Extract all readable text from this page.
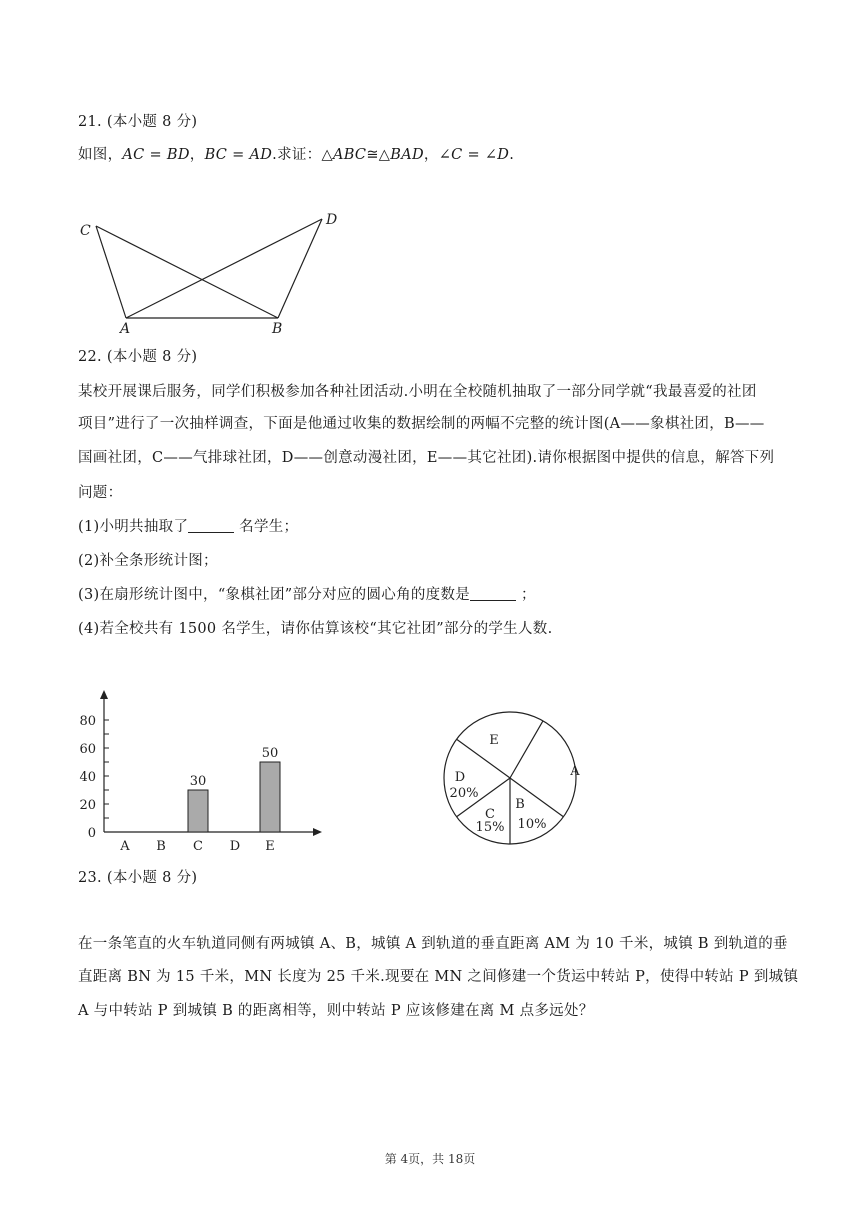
21. (本小题 8 分)
如图，AC = BD，BC = AD.求证：△ABC≅△BAD，∠C = ∠D.
C
D
A	B
22. (本小题 8 分)
某校开展课后服务，同学们积极参加各种社团活动.小明在全校随机抽取了一部分同学就“我最喜爱的社团
项目”进行了一次抽样调查，下面是他通过收集的数据绘制的两幅不完整的统计图(A——象棋社团，B——
国画社团，C——气排球社团，D——创意动漫社团，E——其它社团).请你根据图中提供的信息，解答下列
问题：
(1)小明共抽取了	名学生；
(2)补全条形统计图；
(3)在扇形统计图中，“象棋社团”部分对应的圆心角的度数是	；
(4)若全校共有 1500 名学生，请你估算该校“其它社团”部分的学生人数.
0
20
40
60
80
A B C
30
D E
50
A
B
10%
C
15%
D
20%
E
23. (本小题 8 分)
在一条笔直的火车轨道同侧有两城镇 A、B，城镇 A 到轨道的垂直距离 AM 为 10 千米，城镇 B 到轨道的垂
直距离 BN 为 15 千米，MN 长度为 25 千米.现要在 MN 之间修建一个货运中转站 P，使得中转站 P 到城镇
A 与中转站 P 到城镇 B 的距离相等，则中转站 P 应该修建在离 M 点多远处？
第 4页，共 18页
